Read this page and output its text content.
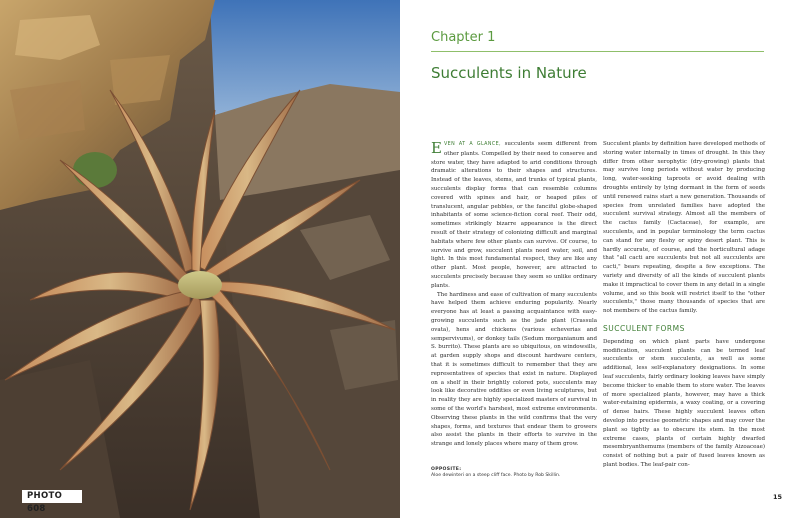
PHOTO 608
Chapter 1
Succulents in Nature

EVEN AT A GLANCE, succulents seem different from other plants. Compelled by their need to conserve and store water, they have adapted to arid conditions through dramatic alterations to their shapes and structures. Instead of the leaves, stems, and trunks of typical plants, succulents display forms that can resemble columns covered with spines and hair, or heaped piles of translucent, angular pebbles, or the fanciful globe-shaped inhabitants of some science-fiction coral reef. Their odd, sometimes strikingly bizarre appearance is the direct result of their strategy of colonizing difficult and marginal habitats where few other plants can survive. Of course, to survive and grow, succulent plants need water, soil, and light. In this most fundamental respect, they are like any other plant. Most people, however, are attracted to succulents precisely because they seem so unlike ordinary plants.

The hardiness and ease of cultivation of many succulents have helped them achieve enduring popularity. Nearly everyone has at least a passing acquaintance with easy-growing succulents such as the jade plant (Crassula ovata), hens and chickens (various echeverias and sempervivums), or donkey tails (Sedum morganianum and S. burrito). These plants are so ubiquitous, on windowsills, at garden supply shops and discount hardware centers, that it is sometimes difficult to remember that they are representatives of species that exist in nature. Displayed on a shelf in their brightly colored pots, succulents may look like decorative oddities or even living sculptures, but in reality they are highly specialized masters of survival in some of the world's harshest, most extreme environments. Observing these plants in the wild confirms that the very shapes, forms, and textures that endear them to growers also assist the plants in their efforts to survive in the strange and lonely places where many of them grow.

Succulent plants by definition have developed methods of storing water internally in times of drought. In this they differ from other xerophytic (dry-growing) plants that may survive long periods without water by producing long, water-seeking taproots or avoid dealing with droughts entirely by lying dormant in the form of seeds until renewed rains start a new generation. Thousands of species from unrelated families have adopted the succulent survival strategy. Almost all the members of the cactus family (Cactaceae), for example, are succulents, and in popular terminology the term cactus can stand for any fleshy or spiny desert plant. This is hardly accurate, of course, and the horticultural adage that "all cacti are succulents but not all succulents are cacti," bears repeating, despite a few exceptions. The variety and diversity of all the kinds of succulent plants make it impractical to cover them in any detail in a single volume, and so this book will restrict itself to the "other succulents," those many thousands of species that are not members of the cactus family.

SUCCULENT FORMS

Depending on which plant parts have undergone modification, succulent plants can be termed leaf succulents or stem succulents, as well as some additional, less self-explanatory designations. In some leaf succulents, fairly ordinary looking leaves have simply become thicker to enable them to store water. The leaves of more specialized plants, however, may have a thick water-retaining epidermis, a waxy coating, or a covering of dense hairs. These highly succulent leaves often develop into precise geometric shapes and may cover the plant so tightly as to obscure its stem. In the most extreme cases, plants of certain highly dwarfed mesembryanthemums (members of the family Aizoaceae) consist of nothing but a pair of fused leaves known as plant bodies. The leaf-pair con-

OPPOSITE:
Aloe dewinteri on a steep cliff face. Photo by Rob Skillin.
15
